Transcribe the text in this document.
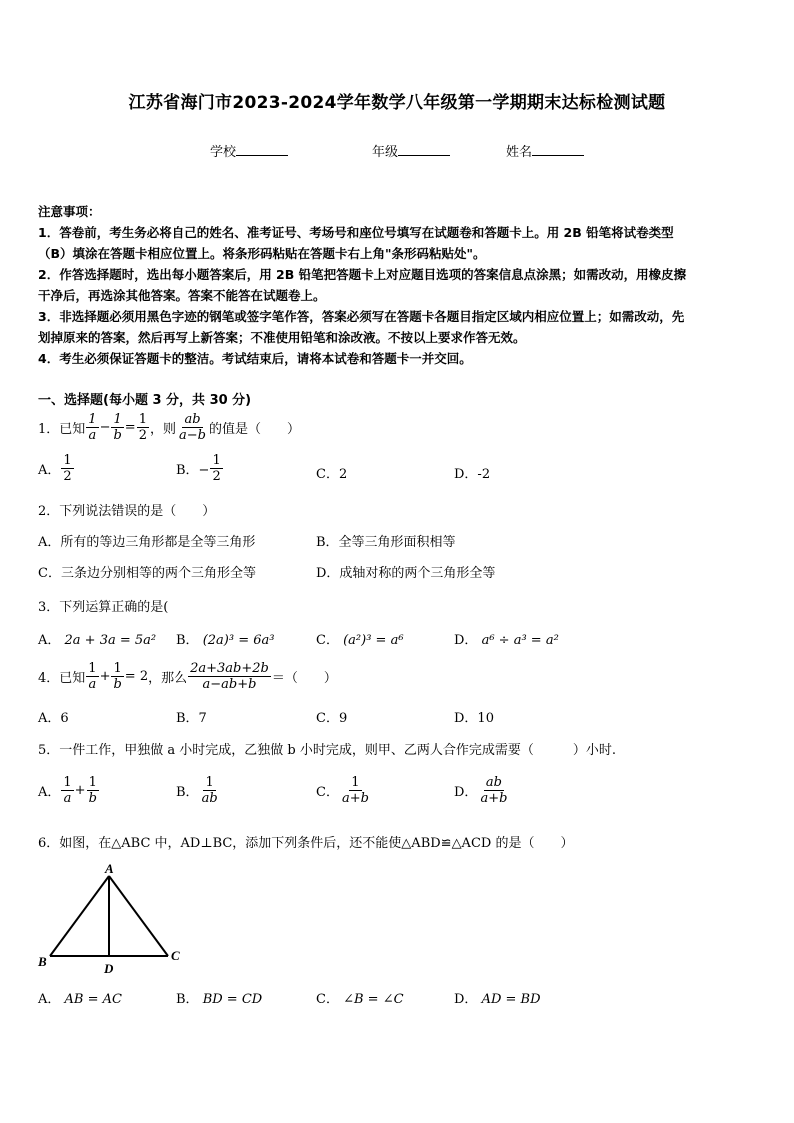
江苏省海门市2023-2024学年数学八年级第一学期期末达标检测试题
学校	年级	姓名
注意事项：
1．答卷前，考生务必将自己的姓名、准考证号、考场号和座位号填写在试题卷和答题卡上。用 2B 铅笔将试卷类型
（B）填涂在答题卡相应位置上。将条形码粘贴在答题卡右上角"条形码粘贴处"。
2．作答选择题时，选出每小题答案后，用 2B 铅笔把答题卡上对应题目选项的答案信息点涂黑；如需改动，用橡皮擦
干净后，再选涂其他答案。答案不能答在试题卷上。
3．非选择题必须用黑色字迹的钢笔或签字笔作答，答案必须写在答题卡各题目指定区域内相应位置上；如需改动，先
划掉原来的答案，然后再写上新答案；不准使用铅笔和涂改液。不按以上要求作答无效。
4．考生必须保证答题卡的整洁。考试结束后，请将本试卷和答题卡一并交回。
一、选择题(每小题 3 分，共 30 分)
1．已知 $\frac{1}{a} - \frac{1}{b} = \frac{1}{2}$ ，则 $\frac{ab}{a-b}$ 的值是（　　）
A． $\frac{1}{2}$	B．− $\frac{1}{2}$	C．2	D．-2
2．下列说法错误的是（　　）
A．所有的等边三角形都是全等三角形	B．全等三角形面积相等
C．三条边分别相等的两个三角形全等	D．成轴对称的两个三角形全等
3．下列运算正确的是(
A． 2a + 3a = 5a² B． (2a)³ = 6a³	C． (a²)³ = a⁶	D． a⁶ ÷ a³ = a²
4．已知 $\frac{1}{a} + \frac{1}{b} = 2$ ，那么 $\frac{2a+3ab+2b}{a-ab+b}$ ＝（　　）
A．6	B．7	C．9	D．10
5．一件工作，甲独做 a 小时完成，乙独做 b 小时完成，则甲、乙两人合作完成需要（　　　）小时.
A． $\frac{1}{a} + \frac{1}{b}$	B． $\frac{1}{ab}$	C． $\frac{1}{a+b}$	D． $\frac{ab}{a+b}$
6．如图，在△ABC 中，AD⊥BC，添加下列条件后，还不能使△ABD≌△ACD 的是（　　）
A
B	C
D
A． AB = AC	B． BD = CD	C． ∠B = ∠C	D． AD = BD
